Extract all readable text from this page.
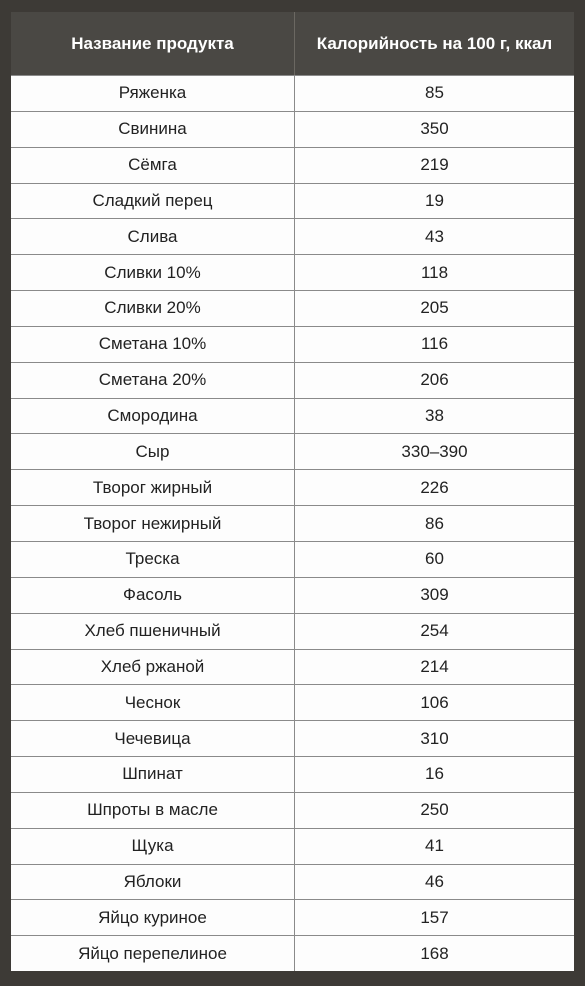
Название продукта	Калорийность на 100 г, ккал
Ряженка	85
Свинина	350
Сёмга	219
Сладкий перец	19
Слива	43
Сливки 10%	118
Сливки 20%	205
Сметана 10%	116
Сметана 20%	206
Смородина	38
Сыр	330–390
Творог жирный	226
Творог нежирный	86
Треска	60
Фасоль	309
Хлеб пшеничный	254
Хлеб ржаной	214
Чеснок	106
Чечевица	310
Шпинат	16
Шпроты в масле	250
Щука	41
Яблоки	46
Яйцо куриное	157
Яйцо перепелиное	168
